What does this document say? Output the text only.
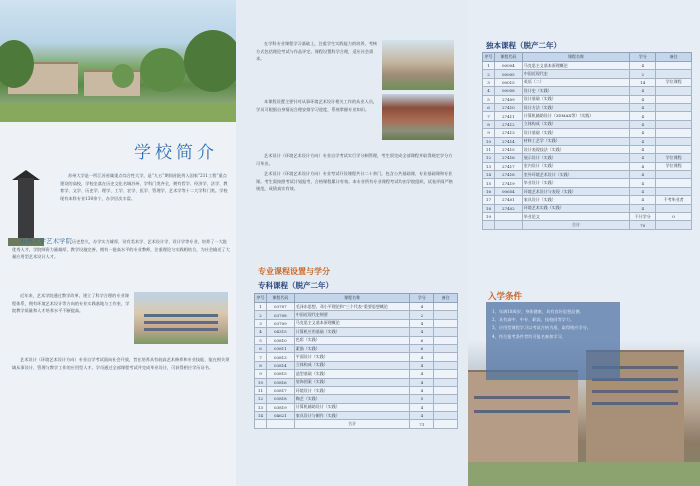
学校简介
苏州大学是一所江苏省属重点综合性大学，是“九五”期间首批列入国家“211工程”重点建设的高校，学校坐落在历史文化名城苏州，学科门类齐全，拥有哲学、经济学、法学、教育学、文学、历史学、理学、工学、农学、医学、管理学、艺术学等十二大学科门类。学校现有本科专业130余个，办学层次丰富。
苏州大学艺术学院历史悠久，办学实力雄厚，设有美术学、艺术设计学、设计学等专业，培养了一大批优秀人才。学院师资力量雄厚，教学设施完善，拥有一批高水平的专业教师，注重理论与实践相结合，为社会输送了大量应用型艺术设计人才。
近年来，艺术学院通过教学改革，建立了科学合理的专业课程体系，拥有环境艺术设计等方向的专业实践基地与工作室，学院教学质量和人才培养水平不断提高。
艺术设计（环境艺术设计方向）专业自学考试面向社会开放，旨在培养具有较高艺术修养和专业技能、能在相关领域从事设计、管理与教学工作的应用型人才。学员通过全部课程考试并完成毕业设计，可获得相应学历证书。
在学科专业课程学习基础上，注重学生实践能力的培养，考核方式包括理论考试与作品评定。课程设置科学合理，适应社会需求。
本课程设置主要针对从事环境艺术设计相关工作的从业人员，学员可根据自身情况合理安排学习进度，系统掌握专业知识。
艺术设计（环境艺术设计方向）专业自学考试实行学分制管理，考生须完成全部课程并取得规定学分方可毕业。
艺术设计（环境艺术设计方向）专业考试开设课程共计二十余门，包含公共基础课、专业基础课和专业课。考生需按照考试计划报考，合格课程累计有效。本专业所有专业课程考试均由学院组织，试卷评阅严格规范，成绩真实有效。
专业课程设置与学分
专科课程（脱产二年）
序号	课程代码	课程名称	学分	备注
1	03707	毛泽东思想、邓小平理论和“三个代表”重要思想概论	4	
2	03708	中国近现代史纲要	2	
3	03709	马克思主义基本原理概论	4	
4	04315	计算机应用基础（实践）	4	
5	03810	色彩（实践）	6	
6	03811	素描（实践）	6	
7	03813	平面设计（实践）	4	
8	03814	立体构成（实践）	4	
9	03815	造型基础（实践）	4	
10	03816	装饰图案（实践）	4	
11	03817	环境设计（实践）	4	
12	03818	陶艺（实践）	5	
13	03819	计算机辅助设计（实践）	4	
14	04621	家具设计与制作（实践）	4	
		合计	71	
独本课程（脱产二年）
序号	课程代码	课程名称	学分	备注
1	00004	马克思主义基本原理概论	4	
2	00005	中国近现代史	2	
3	00015	英语（二）	14	学位课程
4	00058	设计史（实践）	4	
5	27409	设计基础（实践）	4	
6	27410	设计方法（实践）	4	
7	27411	计算机辅助设计（3DMAX等）（实践）	4	
8	27412	立体构成（实践）	4	
9	27413	设计基础（实践）	4	
10	27414	材料工艺学（实践）	4	
11	27415	设计表现技法（实践）	4	
12	27416	展示设计（实践）	4	学位课程
13	27417	室内设计（实践）	4	学位课程
14	27418	室外环境艺术设计（实践）	4	
15	27419	毕业设计（实践）	4	
16	00654	环境艺术设计与表现（实践）	4	
17	27401	家具设计（实践）	4	不考毕业者
18	27402	环境艺术实践（实践）	4	
19		毕业论文	不计学分	0
		合计	70	
入学条件
1、年满18周岁，身体健康，具有良好思想品德。
2、具有高中、中专、职高、技校同等学力。
3、应用型课程学习以考试合格为准，取得相应学分。
4、符合报考条件者均可报名参加学习。
